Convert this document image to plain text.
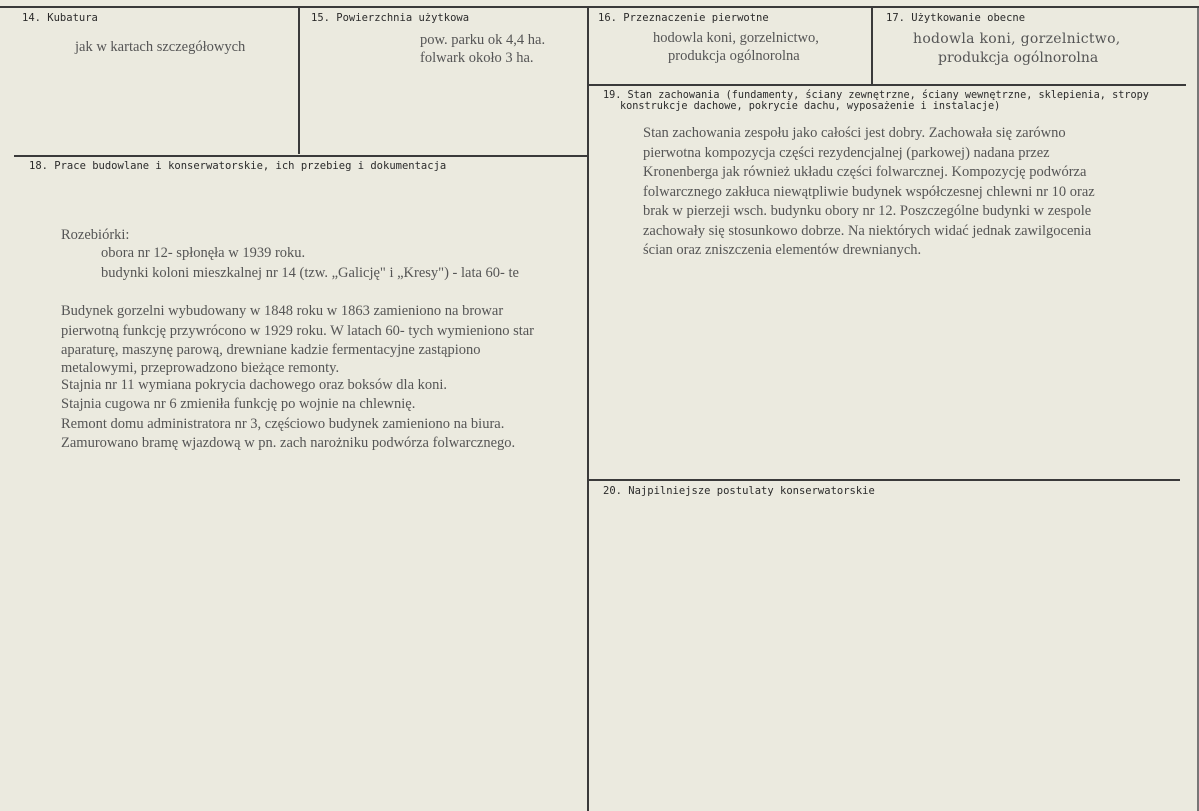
14. Kubatura
jak w kartach szczegółowych
15. Powierzchnia użytkowa
pow. parku ok 4,4 ha.
folwark około 3 ha.
16. Przeznaczenie pierwotne
hodowla koni, gorzelnictwo,
produkcja ogólnorolna
17. Użytkowanie obecne
hodowla koni, gorzelnictwo,
produkcja ogólnorolna
18. Prace budowlane i konserwatorskie, ich przebieg i dokumentacja
Rozebiórki:
obora nr 12- spłonęła w 1939 roku.
budynki koloni mieszkalnej nr 14 (tzw. „Galicję" i „Kresy") - lata 60- te
Budynek gorzelni wybudowany w 1848 roku w 1863 zamieniono na browar
pierwotną funkcję przywrócono w 1929 roku. W latach 60- tych wymieniono star
aparaturę, maszynę parową, drewniane kadzie fermentacyjne zastąpiono
metalowymi, przeprowadzono bieżące remonty.
Stajnia nr 11 wymiana pokrycia dachowego oraz boksów dla koni.
Stajnia cugowa nr 6 zmieniła funkcję po wojnie na chlewnię.
Remont domu administratora nr 3, częściowo budynek zamieniono na biura.
Zamurowano bramę wjazdową w pn. zach narożniku podwórza folwarcznego.
19. Stan zachowania (fundamenty, ściany zewnętrzne, ściany wewnętrzne, sklepienia, stropy
konstrukcje dachowe, pokrycie dachu, wyposażenie i instalacje)
Stan zachowania zespołu jako całości jest dobry. Zachowała się zarówno
pierwotna kompozycja części rezydencjalnej (parkowej) nadana przez
Kronenberga jak również układu części folwarcznej. Kompozycję podwórza
folwarcznego zakłuca niewątpliwie budynek współczesnej chlewni nr 10 oraz
brak w pierzeji wsch. budynku obory nr 12. Poszczególne budynki w zespole
zachowały się stosunkowo dobrze. Na niektórych widać jednak zawilgocenia
ścian oraz zniszczenia elementów drewnianych.
20. Najpilniejsze postulaty konserwatorskie
